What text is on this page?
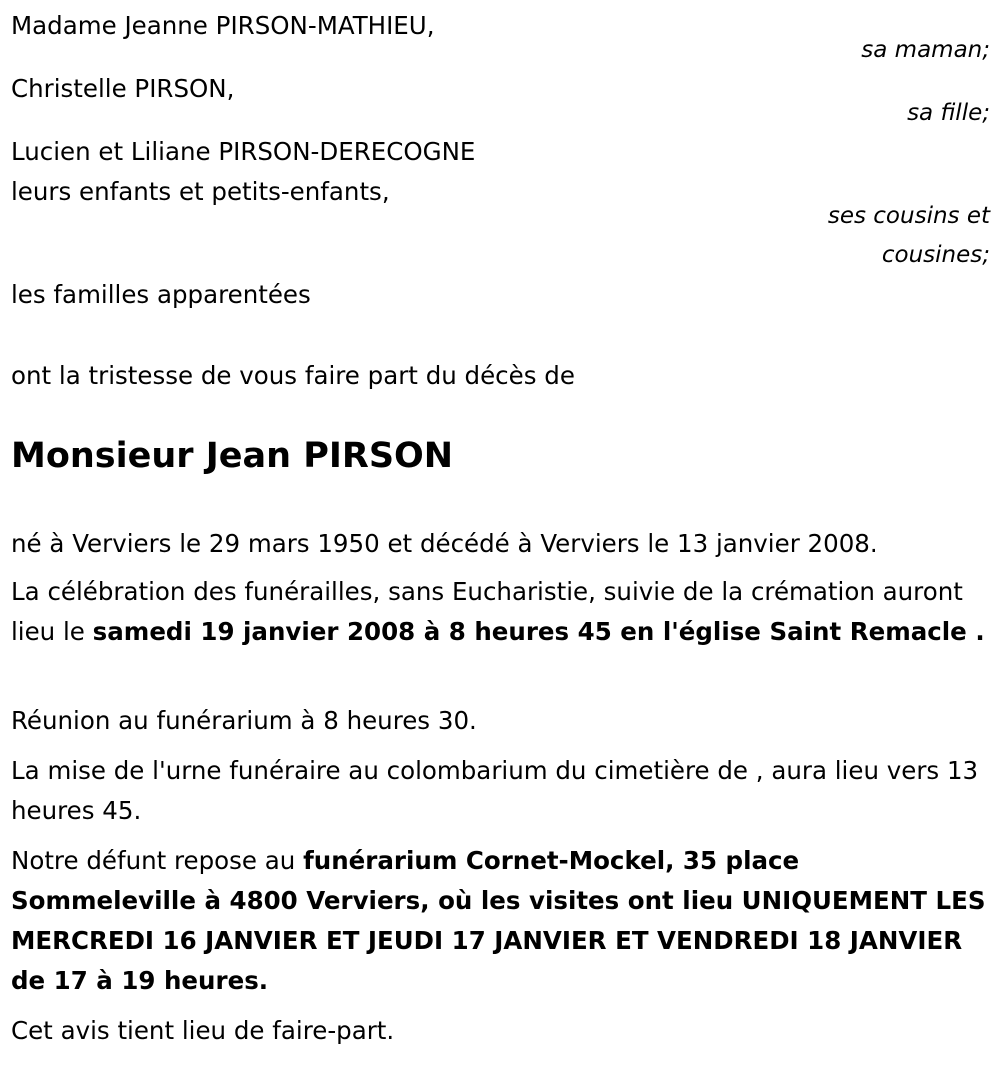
Madame Jeanne PIRSON-MATHIEU,
sa maman;
Christelle PIRSON,
sa fille;
Lucien et Liliane PIRSON-DERECOGNE
leurs enfants et petits-enfants,
ses cousins et
cousines;
les familles apparentées
ont la tristesse de vous faire part du décès de
Monsieur Jean PIRSON
né à Verviers le 29 mars 1950 et décédé à Verviers le 13 janvier 2008.
La célébration des funérailles, sans Eucharistie, suivie de la crémation auront lieu le samedi 19 janvier 2008 à 8 heures 45 en l'église Saint Remacle .
Réunion au funérarium à 8 heures 30.
La mise de l'urne funéraire au colombarium du cimetière de , aura lieu vers 13 heures 45.
Notre défunt repose au funérarium Cornet-Mockel, 35 place Sommeleville à 4800 Verviers, où les visites ont lieu UNIQUEMENT LES MERCREDI 16 JANVIER ET JEUDI 17 JANVIER ET VENDREDI 18 JANVIER de 17 à 19 heures.
Cet avis tient lieu de faire-part.
